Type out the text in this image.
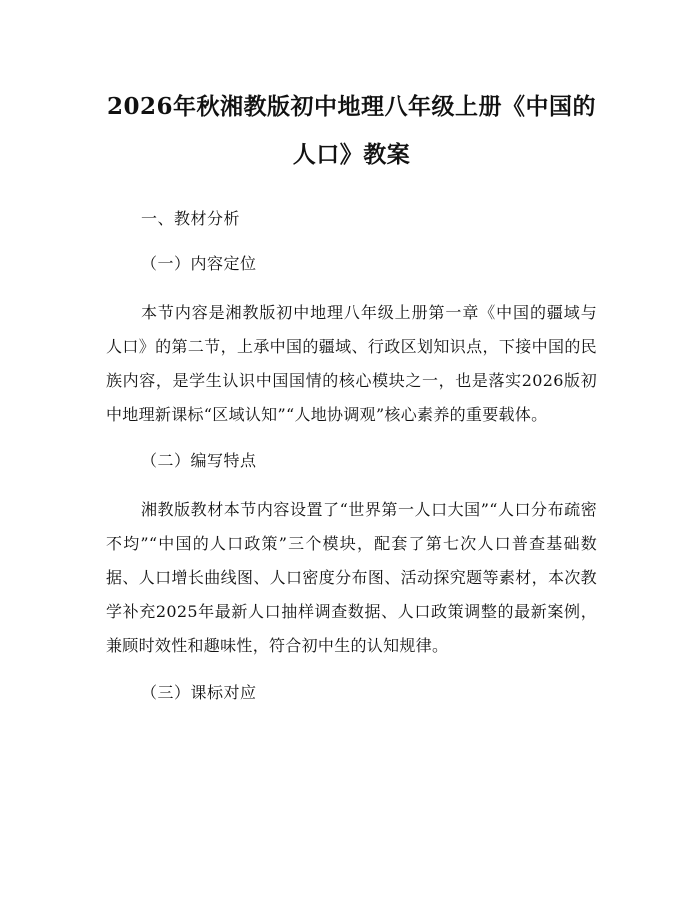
2026年秋湘教版初中地理八年级上册《中国的人口》教案

一、教材分析

（一）内容定位

本节内容是湘教版初中地理八年级上册第一章《中国的疆域与人口》的第二节，上承中国的疆域、行政区划知识点，下接中国的民族内容，是学生认识中国国情的核心模块之一，也是落实2026版初中地理新课标“区域认知”“人地协调观”核心素养的重要载体。

（二）编写特点

湘教版教材本节内容设置了“世界第一人口大国”“人口分布疏密不均”“中国的人口政策”三个模块，配套了第七次人口普查基础数据、人口增长曲线图、人口密度分布图、活动探究题等素材，本次教学补充2025年最新人口抽样调查数据、人口政策调整的最新案例，兼顾时效性和趣味性，符合初中生的认知规律。

（三）课标对应
